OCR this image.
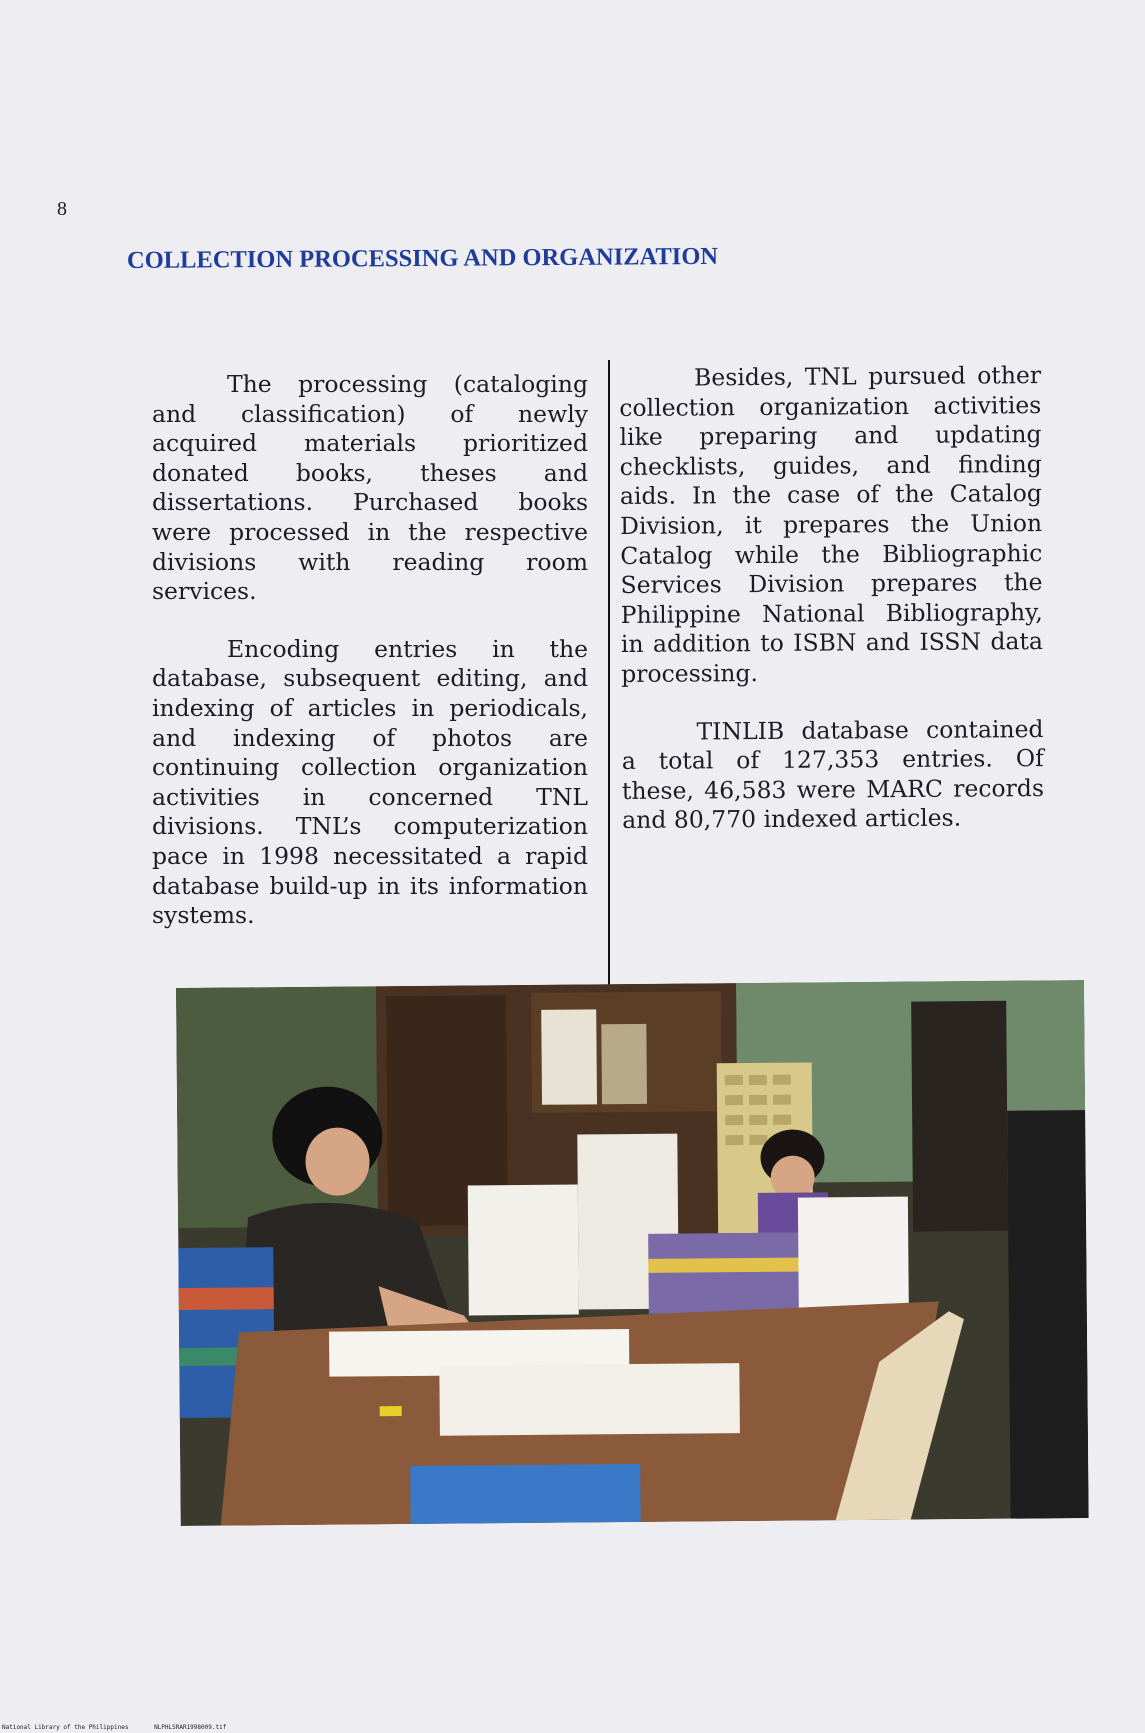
8
COLLECTION PROCESSING AND ORGANIZATION

The processing (cataloging and classification) of newly acquired materials prioritized donated books, theses and dissertations. Purchased books were processed in the respective divisions with reading room services.

Encoding entries in the database, subsequent editing, and indexing of articles in periodicals, and indexing of photos are continuing collection organization activities in concerned TNL divisions. TNL’s computerization pace in 1998 necessitated a rapid database build-up in its information systems.

Besides, TNL pursued other collection organization activities like preparing and updating checklists, guides, and finding aids. In the case of the Catalog Division, it prepares the Union Catalog while the Bibliographic Services Division prepares the Philippine National Bibliography, in addition to ISBN and ISSN data processing.

TINLIB database contained a total of 127,353 entries. Of these, 46,583 were MARC records and 80,770 indexed articles.

National Library of the Philippines	NLPHLSRAR1998009.tif
